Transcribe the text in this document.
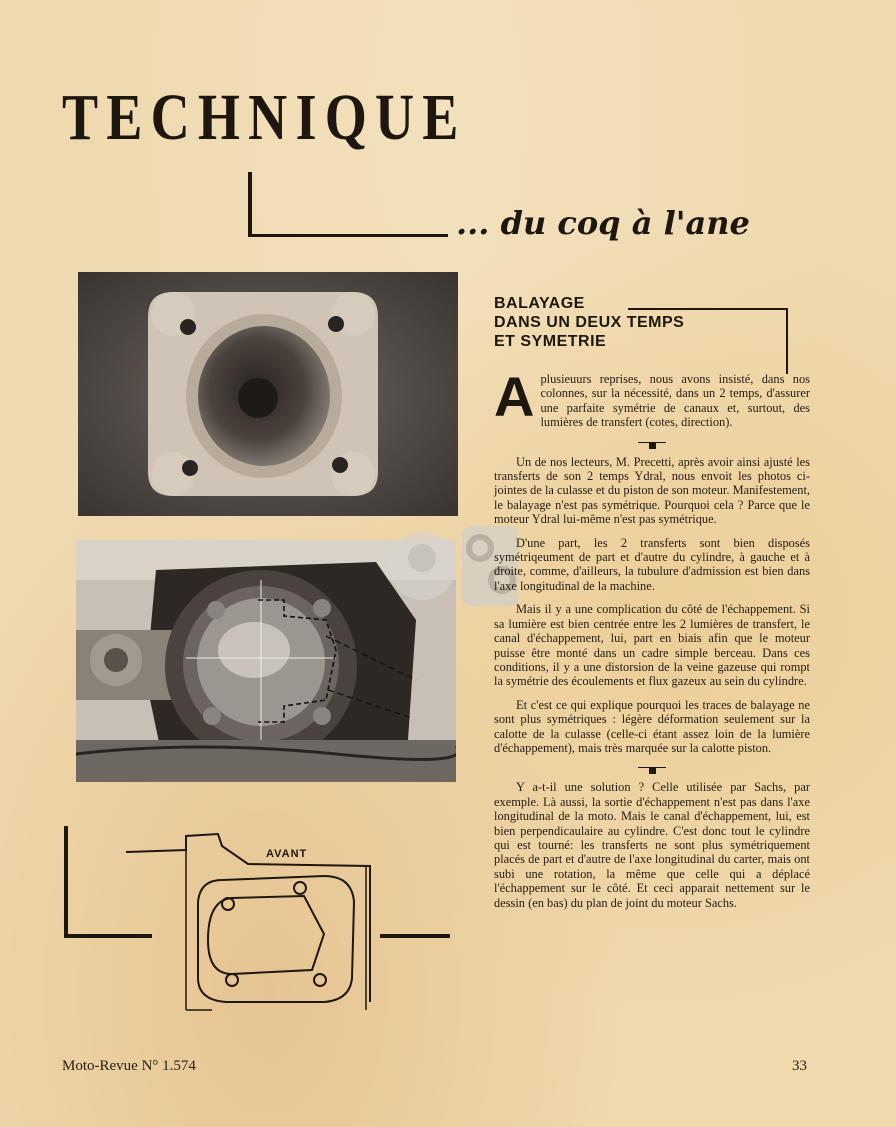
TECHNIQUE
... du coq à l'ane
AVANT
BALAYAGE
DANS UN DEUX TEMPS
ET SYMETRIE

Aplusieuurs reprises, nous avons insisté, dans nos colonnes, sur la nécessité, dans un 2 temps, d'assurer une parfaite symétrie de canaux et, surtout, des lumières de transfert (cotes, direction).

Un de nos lecteurs, M. Precetti, après avoir ainsi ajusté les transferts de son 2 temps Ydral, nous envoit les photos ci-jointes de la culasse et du piston de son moteur. Manifestement, le balayage n'est pas symétrique. Pourquoi cela ? Parce que le moteur Ydral lui-même n'est pas symétrique.

D'une part, les 2 transferts sont bien disposés symétriqeument de part et d'autre du cylindre, à gauche et à droite, comme, d'ailleurs, la tubulure d'admission est bien dans l'axe longitudinal de la machine.

Mais il y a une complication du côté de l'échappement. Si sa lumière est bien centrée entre les 2 lumières de transfert, le canal d'échappement, lui, part en biais afin que le moteur puisse être monté dans un cadre simple berceau. Dans ces conditions, il y a une distorsion de la veine gazeuse qui rompt la symétrie des écoulements et flux gazeux au sein du cylindre.

Et c'est ce qui explique pourquoi les traces de balayage ne sont plus symétriques : légère déformation seulement sur la calotte de la culasse (celle-ci étant assez loin de la lumière d'échappement), mais très marquée sur la calotte piston.

Y a-t-il une solution ? Celle utilisée par Sachs, par exemple. Là aussi, la sortie d'échappement n'est pas dans l'axe longitudinal de la moto. Mais le canal d'échappement, lui, est bien perpendicaulaire au cylindre. C'est donc tout le cylindre qui est tourné: les transferts ne sont plus symétriquement placés de part et d'autre de l'axe longitudinal du carter, mais ont subi une rotation, la même que celle qui a déplacé l'échappement sur le côté. Et ceci apparait nettement sur le dessin (en bas) du plan de joint du moteur Sachs.

Moto-Revue N° 1.574	33
